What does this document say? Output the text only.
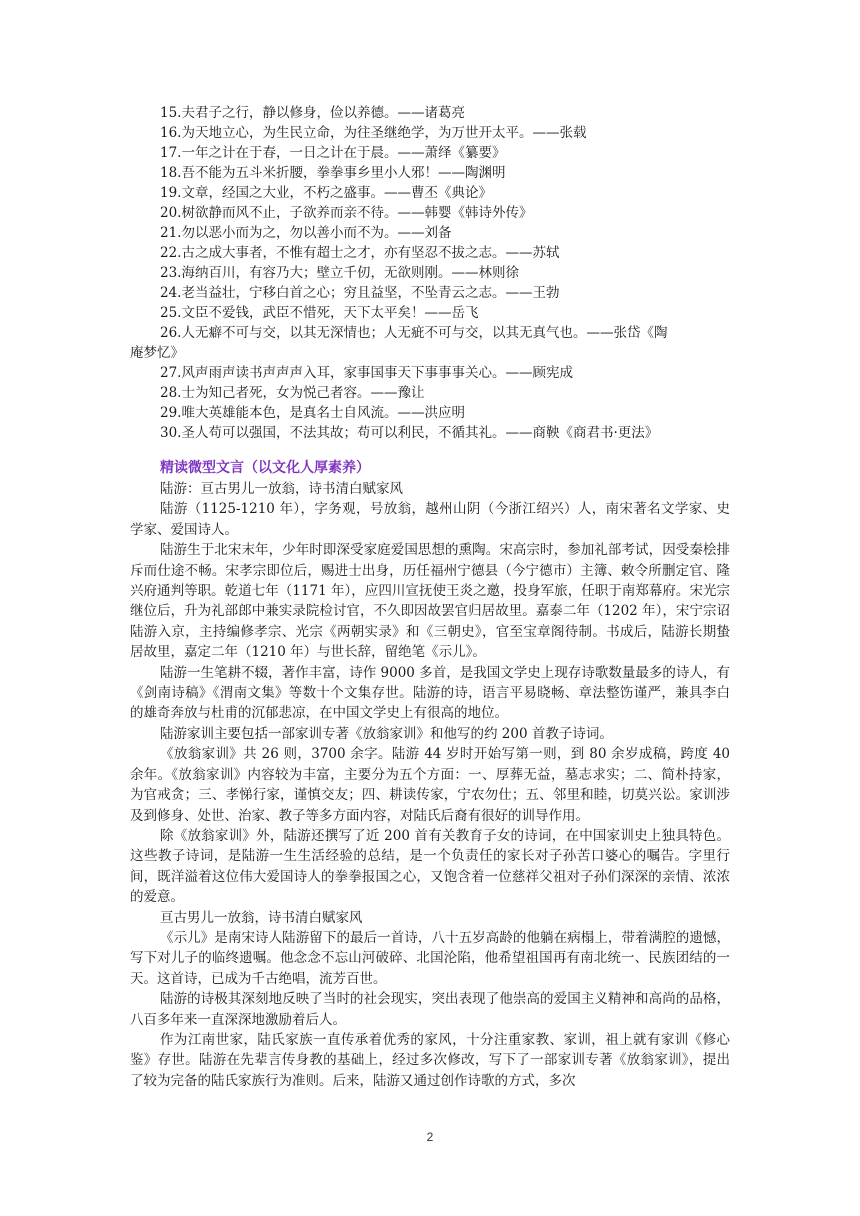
15.夫君子之行，静以修身，俭以养德。——诸葛亮
16.为天地立心，为生民立命，为往圣继绝学，为万世开太平。——张载
17.一年之计在于春，一日之计在于晨。——萧绎《纂要》
18.吾不能为五斗米折腰，拳拳事乡里小人邪！——陶渊明
19.文章，经国之大业，不朽之盛事。——曹丕《典论》
20.树欲静而风不止，子欲养而亲不待。——韩婴《韩诗外传》
21.勿以恶小而为之，勿以善小而不为。——刘备
22.古之成大事者，不惟有超士之才，亦有坚忍不拔之志。——苏轼
23.海纳百川，有容乃大；壁立千仞，无欲则刚。——林则徐
24.老当益壮，宁移白首之心；穷且益坚，不坠青云之志。——王勃
25.文臣不爱钱，武臣不惜死，天下太平矣！——岳飞
26.人无癖不可与交，以其无深情也；人无疵不可与交，以其无真气也。——张岱《陶
庵梦忆》
27.风声雨声读书声声声入耳，家事国事天下事事事关心。——顾宪成
28.士为知己者死，女为悦己者容。——豫让
29.唯大英雄能本色，是真名士自风流。——洪应明
30.圣人苟可以强国，不法其故；苟可以利民，不循其礼。——商鞅《商君书·更法》
精读微型文言（以文化人厚素养）

陆游：亘古男儿一放翁，诗书清白赋家风

陆游（1125-1210 年），字务观，号放翁，越州山阴（今浙江绍兴）人，南宋著名文学家、史学家、爱国诗人。

陆游生于北宋末年，少年时即深受家庭爱国思想的熏陶。宋高宗时，参加礼部考试，因受秦桧排斥而仕途不畅。宋孝宗即位后，赐进士出身，历任福州宁德县（今宁德市）主簿、敕令所删定官、隆兴府通判等职。乾道七年（1171 年），应四川宣抚使王炎之邀，投身军旅，任职于南郑幕府。宋光宗继位后，升为礼部郎中兼实录院检讨官，不久即因故罢官归居故里。嘉泰二年（1202 年），宋宁宗诏陆游入京，主持编修孝宗、光宗《两朝实录》和《三朝史》，官至宝章阁待制。书成后，陆游长期蛰居故里，嘉定二年（1210 年）与世长辞，留绝笔《示儿》。

陆游一生笔耕不辍，著作丰富，诗作 9000 多首，是我国文学史上现存诗歌数量最多的诗人，有《剑南诗稿》《渭南文集》等数十个文集存世。陆游的诗，语言平易晓畅、章法整饬谨严，兼具李白的雄奇奔放与杜甫的沉郁悲凉，在中国文学史上有很高的地位。

陆游家训主要包括一部家训专著《放翁家训》和他写的约 200 首教子诗词。

《放翁家训》共 26 则，3700 余字。陆游 44 岁时开始写第一则，到 80 余岁成稿，跨度 40 余年。《放翁家训》内容较为丰富，主要分为五个方面：一、厚葬无益，墓志求实；二、简朴持家，为官戒贪；三、孝悌行家，谨慎交友；四、耕读传家，宁农勿仕；五、邻里和睦，切莫兴讼。家训涉及到修身、处世、治家、教子等多方面内容，对陆氏后裔有很好的训导作用。

除《放翁家训》外，陆游还撰写了近 200 首有关教育子女的诗词，在中国家训史上独具特色。这些教子诗词，是陆游一生生活经验的总结，是一个负责任的家长对子孙苦口婆心的嘱告。字里行间，既洋溢着这位伟大爱国诗人的拳拳报国之心，又饱含着一位慈祥父祖对子孙们深深的亲情、浓浓的爱意。

亘古男儿一放翁，诗书清白赋家风

《示儿》是南宋诗人陆游留下的最后一首诗，八十五岁高龄的他躺在病榻上，带着满腔的遗憾，写下对儿子的临终遗嘱。他念念不忘山河破碎、北国沦陷，他希望祖国再有南北统一、民族团结的一天。这首诗，已成为千古绝唱，流芳百世。

陆游的诗极其深刻地反映了当时的社会现实，突出表现了他崇高的爱国主义精神和高尚的品格，八百多年来一直深深地激励着后人。

作为江南世家，陆氏家族一直传承着优秀的家风，十分注重家教、家训，祖上就有家训《修心鉴》存世。陆游在先辈言传身教的基础上，经过多次修改，写下了一部家训专著《放翁家训》，提出了较为完备的陆氏家族行为准则。后来，陆游又通过创作诗歌的方式，多次

2
